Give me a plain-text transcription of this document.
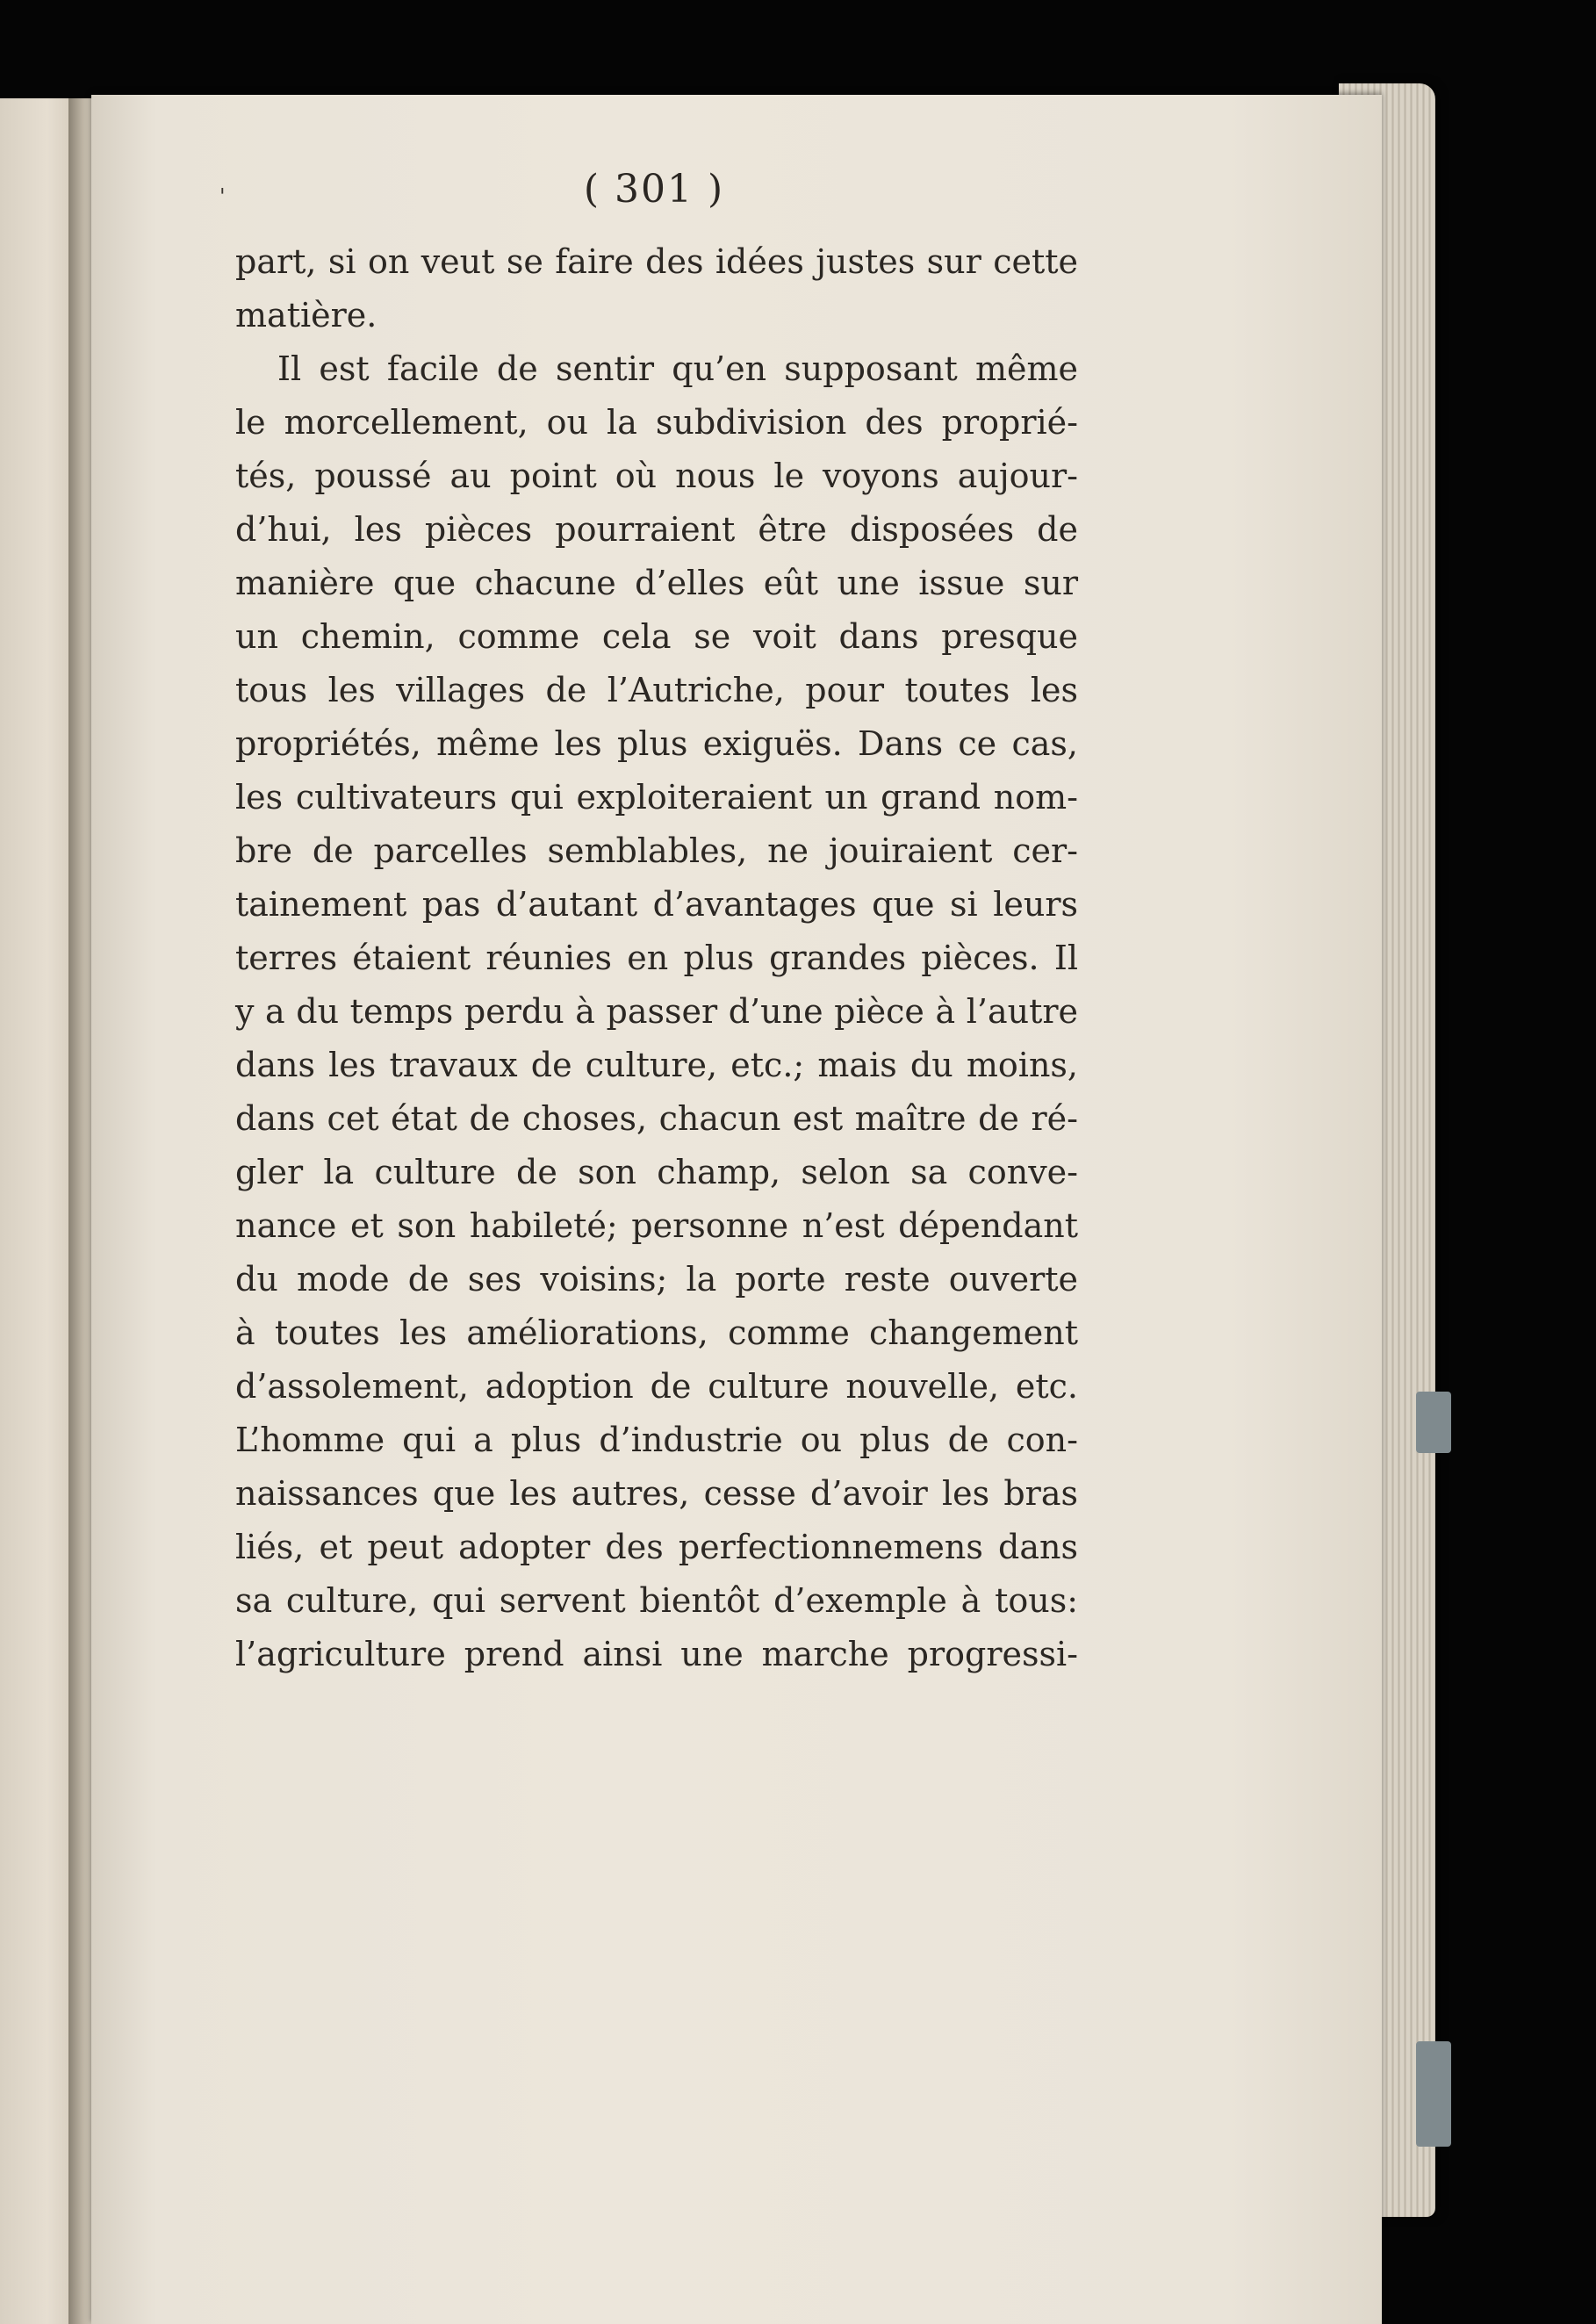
'	( 301 )
part, si on veut se faire des idées justes sur cette
matière.
Il est facile de sentir qu’en supposant même
le morcellement, ou la subdivision des proprié-
tés, poussé au point où nous le voyons aujour-
d’hui, les pièces pourraient être disposées de
manière que chacune d’elles eût une issue sur
un chemin, comme cela se voit dans presque
tous les villages de l’Autriche, pour toutes les
propriétés, même les plus exiguës. Dans ce cas,
les cultivateurs qui exploiteraient un grand nom-
bre de parcelles semblables, ne jouiraient cer-
tainement pas d’autant d’avantages que si leurs
terres étaient réunies en plus grandes pièces. Il
y a du temps perdu à passer d’une pièce à l’autre
dans les travaux de culture, etc.; mais du moins,
dans cet état de choses, chacun est maître de ré-
gler la culture de son champ, selon sa conve-
nance et son habileté; personne n’est dépendant
du mode de ses voisins; la porte reste ouverte
à toutes les améliorations, comme changement
d’assolement, adoption de culture nouvelle, etc.
L’homme qui a plus d’industrie ou plus de con-
naissances que les autres, cesse d’avoir les bras
liés, et peut adopter des perfectionnemens dans
sa culture, qui servent bientôt d’exemple à tous:
l’agriculture prend ainsi une marche progressi-
